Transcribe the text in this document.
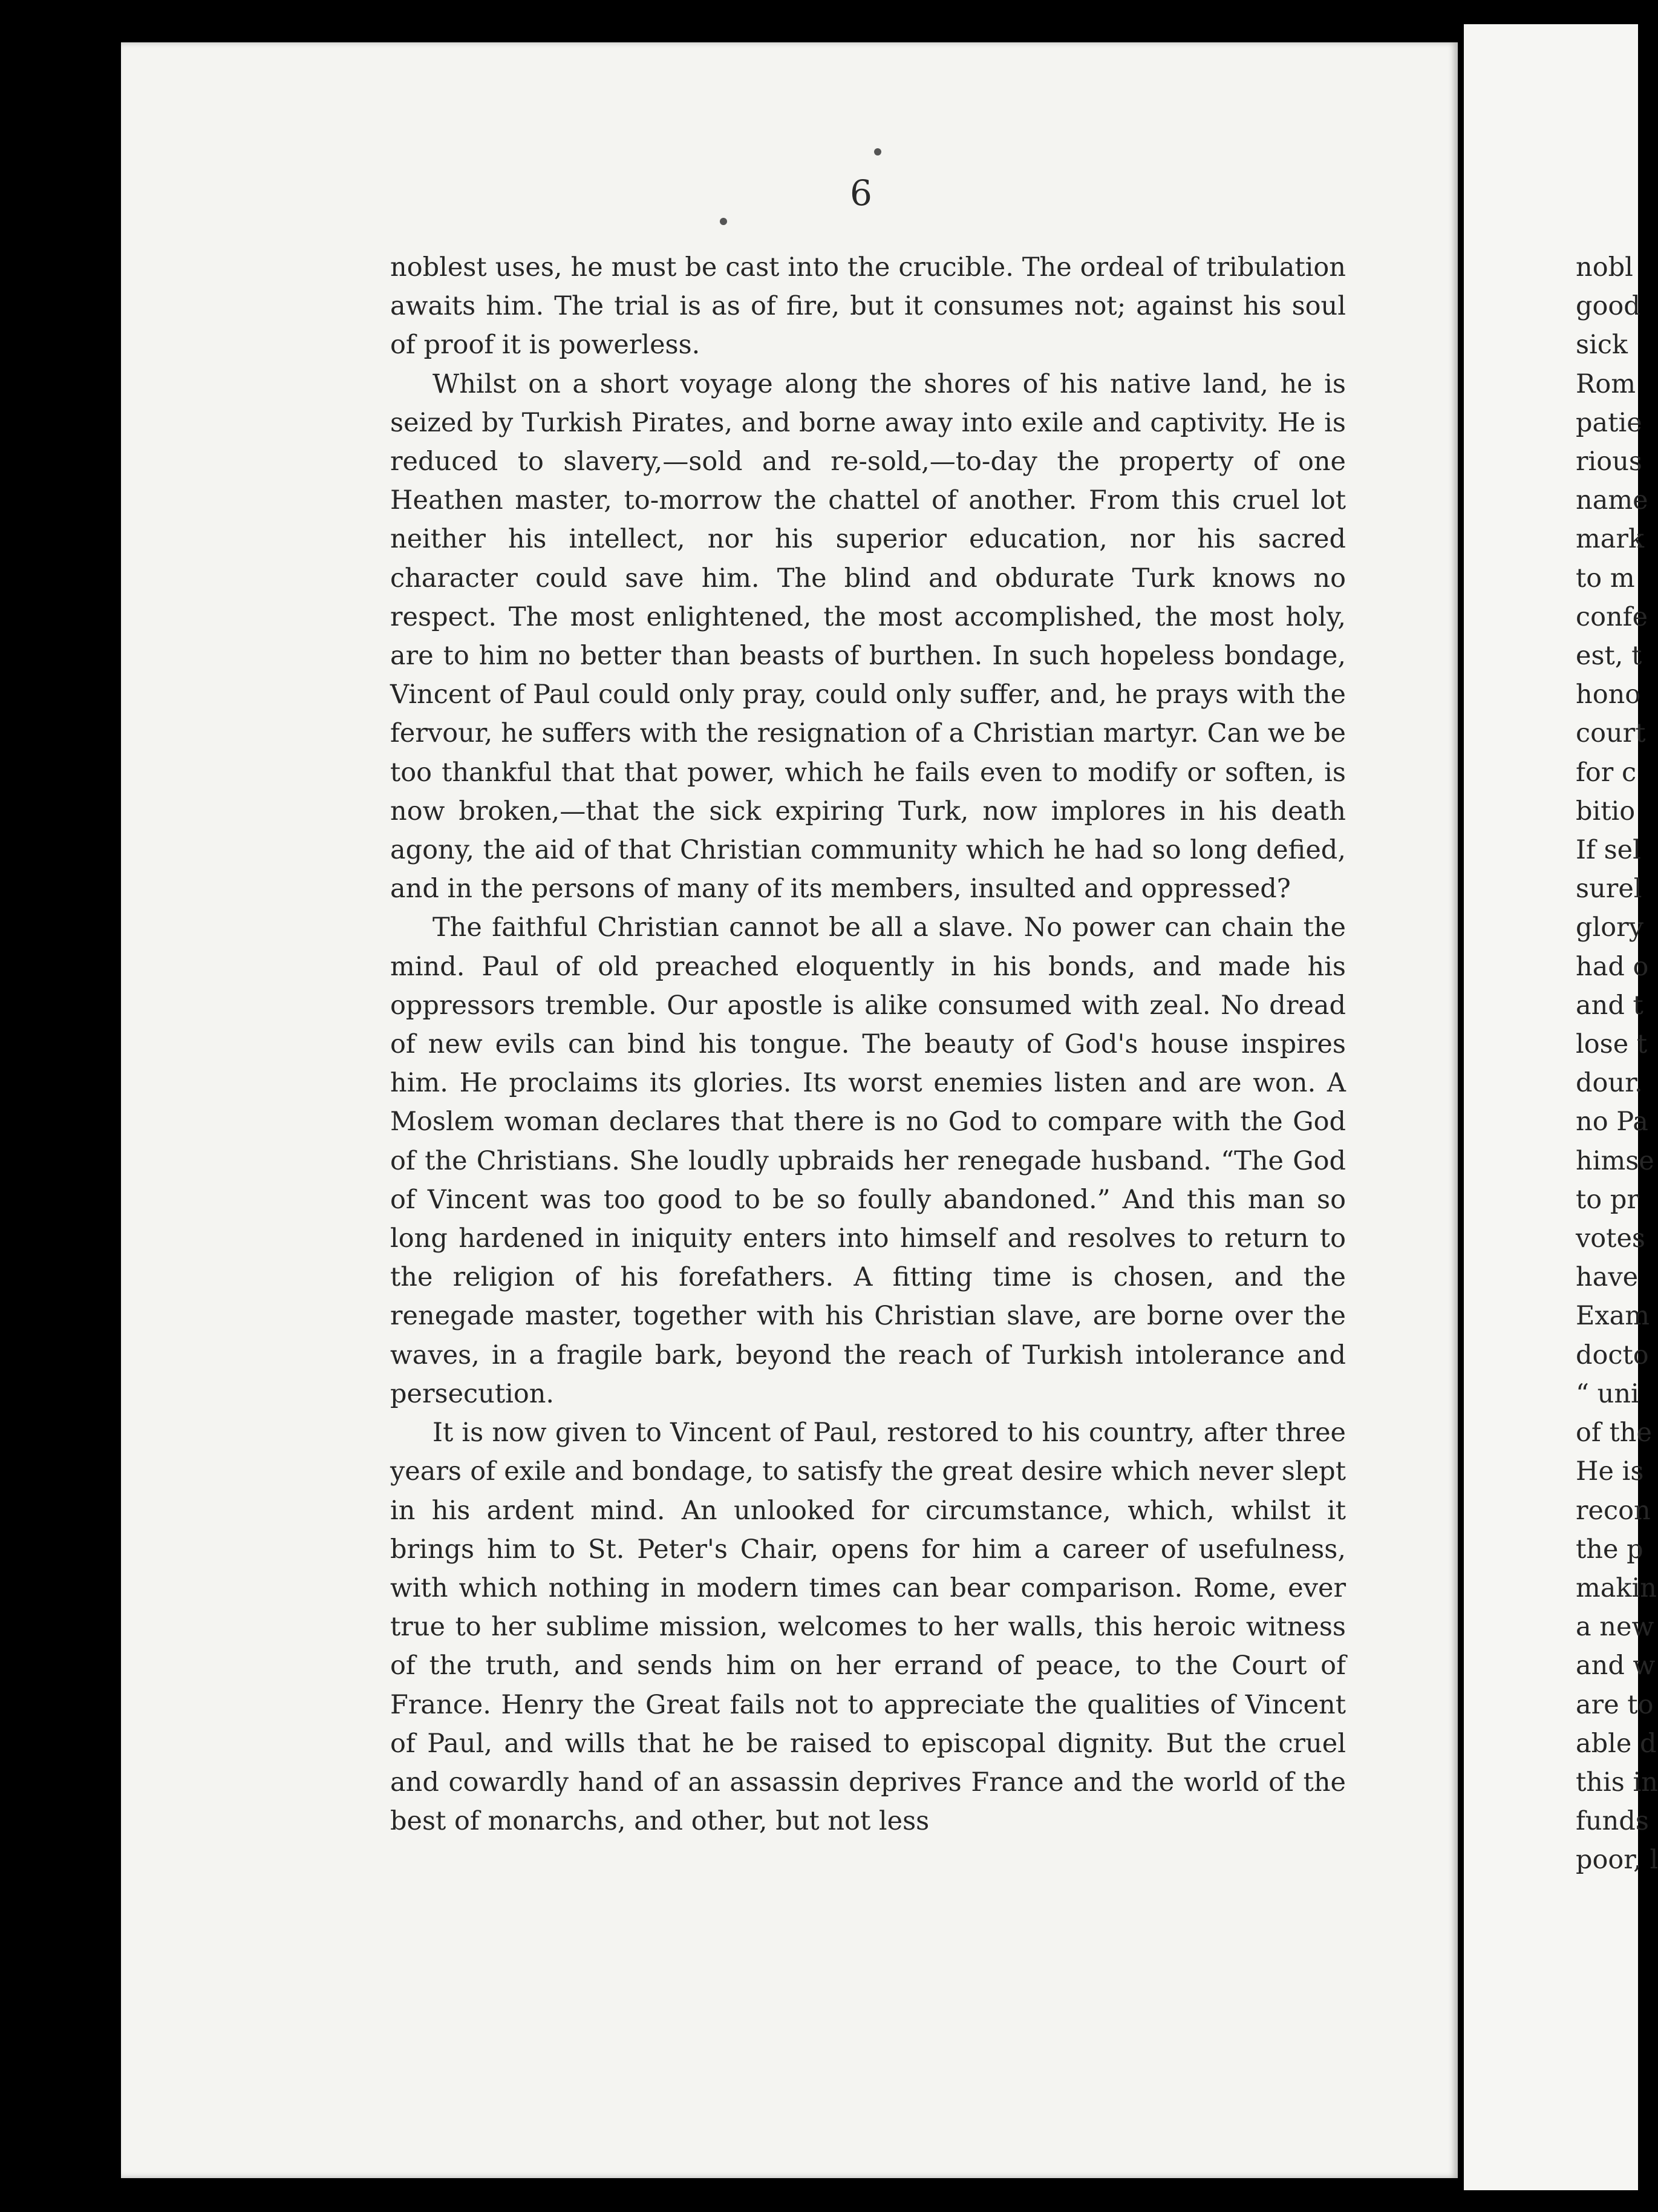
6

noblest uses, he must be cast into the crucible. The ordeal of tribulation awaits him. The trial is as of fire, but it consumes not; against his soul of proof it is powerless.

Whilst on a short voyage along the shores of his native land, he is seized by Turkish Pirates, and borne away into exile and captivity. He is reduced to slavery,—sold and re-sold,—to-day the property of one Heathen master, to-morrow the chattel of another. From this cruel lot neither his intellect, nor his superior education, nor his sacred character could save him. The blind and obdurate Turk knows no respect. The most enlightened, the most accomplished, the most holy, are to him no better than beasts of burthen. In such hopeless bondage, Vincent of Paul could only pray, could only suffer, and, he prays with the fervour, he suffers with the resignation of a Christian martyr. Can we be too thankful that that power, which he fails even to modify or soften, is now broken,—that the sick expiring Turk, now implores in his death agony, the aid of that Christian community which he had so long defied, and in the persons of many of its members, insulted and oppressed?

The faithful Christian cannot be all a slave. No power can chain the mind. Paul of old preached eloquently in his bonds, and made his oppressors tremble. Our apostle is alike consumed with zeal. No dread of new evils can bind his tongue. The beauty of God's house inspires him. He proclaims its glories. Its worst enemies listen and are won. A Moslem woman declares that there is no God to compare with the God of the Christians. She loudly upbraids her renegade husband. “The God of Vincent was too good to be so foully abandoned.” And this man so long hardened in iniquity enters into himself and resolves to return to the religion of his forefathers. A fitting time is chosen, and the renegade master, together with his Christian slave, are borne over the waves, in a fragile bark, beyond the reach of Turkish intolerance and persecution.

It is now given to Vincent of Paul, restored to his country, after three years of exile and bondage, to satisfy the great desire which never slept in his ardent mind. An unlooked for circumstance, which, whilst it brings him to St. Peter's Chair, opens for him a career of usefulness, with which nothing in modern times can bear comparison. Rome, ever true to her sublime mission, welcomes to her walls, this heroic witness of the truth, and sends him on her errand of peace, to the Court of France. Henry the Great fails not to appreciate the qualities of Vincent of Paul, and wills that he be raised to episcopal dignity. But the cruel and cowardly hand of an assassin deprives France and the world of the best of monarchs, and other, but not less

nobl
good
sick
Rom
patie
rious
name
mark
to m
confe
est, t
hono
court
for c
bitio
If sel
surel
glory
had o
and t
lose t
dour.
no Pa
himse
to pr
votes
have
Exam
docto
“ uni
of the
He is
recon
the p
makin
a new
and w
are to
able d
this in
funds
poor, l
